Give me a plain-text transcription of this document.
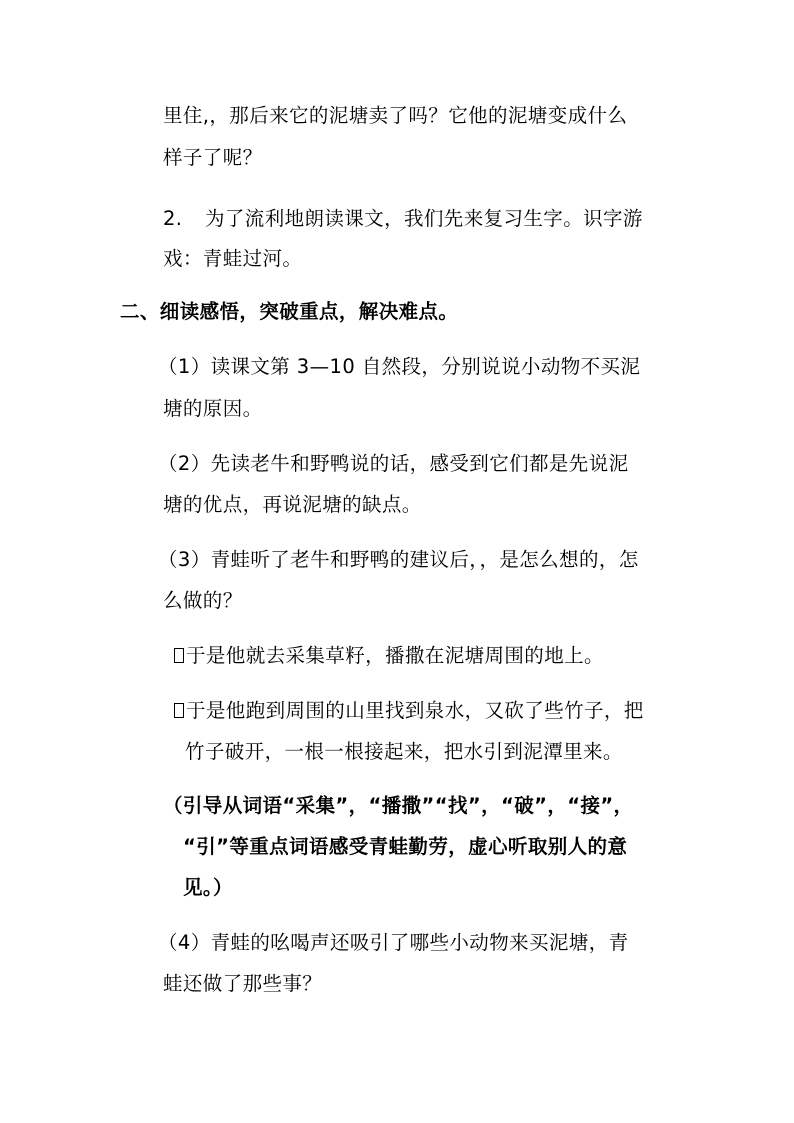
里住,，那后来它的泥塘卖了吗？它他的泥塘变成什么
样子了呢？
2. 为了流利地朗读课文，我们先来复习生字。识字游
戏：青蛙过河。
二、细读感悟，突破重点，解决难点。
（1）读课文第 3—10 自然段，分别说说小动物不买泥
塘的原因。
（2）先读老牛和野鸭说的话，感受到它们都是先说泥
塘的优点，再说泥塘的缺点。
（3）青蛙听了老牛和野鸭的建议后，，是怎么想的，怎
么做的？
于是他就去采集草籽，播撒在泥塘周围的地上。
于是他跑到周围的山里找到泉水，又砍了些竹子，把
竹子破开，一根一根接起来，把水引到泥潭里来。
（引导从词语“采集”，“播撒”“找”，“破”，“接”，
“引”等重点词语感受青蛙勤劳，虚心听取别人的意
见。）
（4）青蛙的吆喝声还吸引了哪些小动物来买泥塘，青
蛙还做了那些事？
